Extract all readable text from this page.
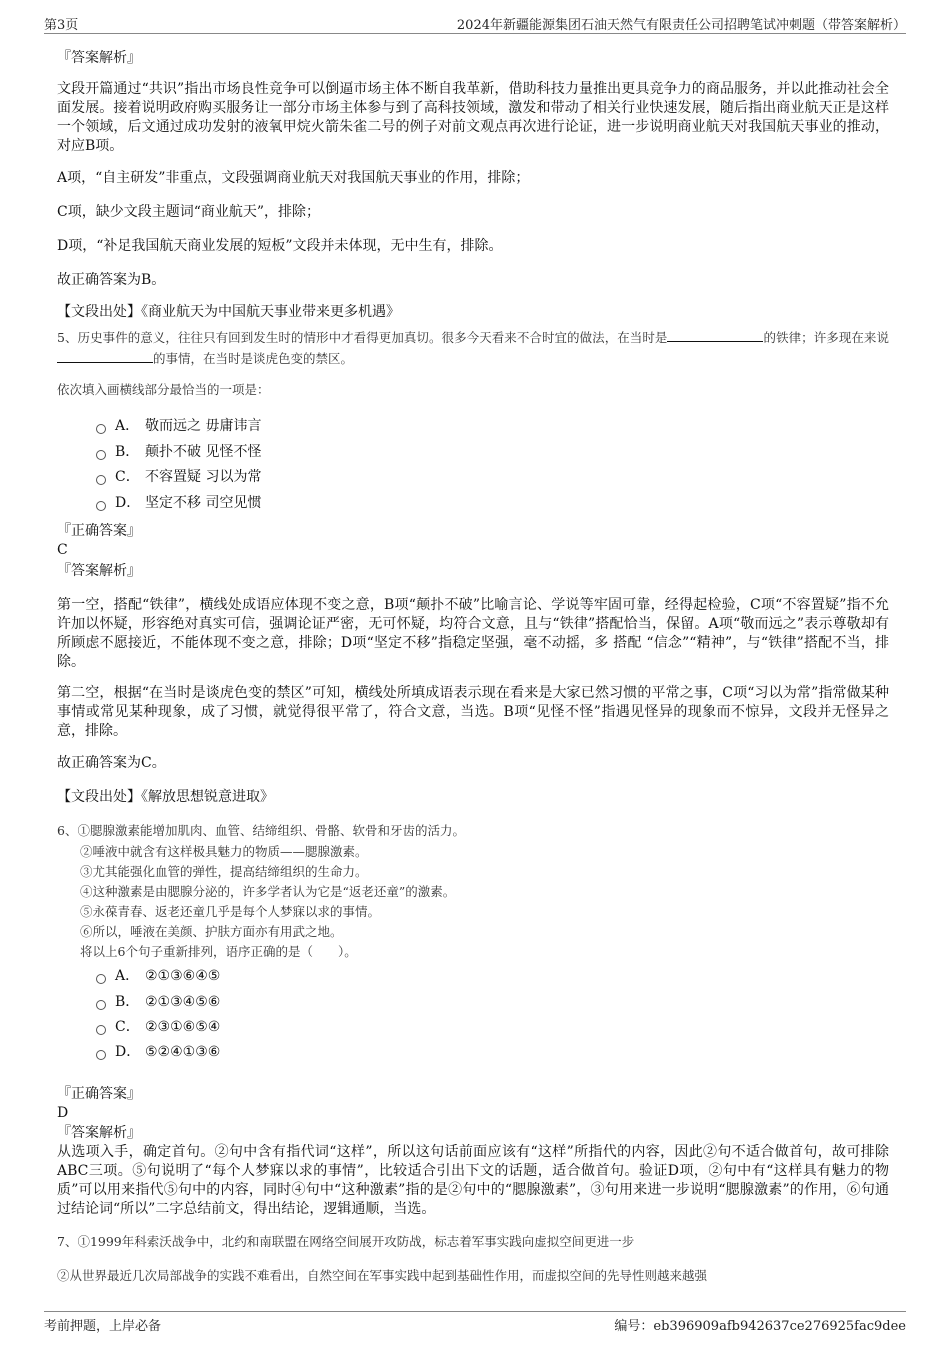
第3页	2024年新疆能源集团石油天然气有限责任公司招聘笔试冲刺题（带答案解析）
『答案解析』

文段开篇通过“共识”指出市场良性竞争可以倒逼市场主体不断自我革新，借助科技力量推出更具竞争力的商品服务，并以此推动社会全面发展。接着说明政府购买服务让一部分市场主体参与到了高科技领域，激发和带动了相关行业快速发展，随后指出商业航天正是这样一个领域，后文通过成功发射的液氧甲烷火箭朱雀二号的例子对前文观点再次进行论证，进一步说明商业航天对我国航天事业的推动，对应B项。

A项，“自主研发”非重点，文段强调商业航天对我国航天事业的作用，排除；
C项，缺少文段主题词“商业航天”，排除；
D项，“补足我国航天商业发展的短板”文段并未体现，无中生有，排除。
故正确答案为B。
【文段出处】《商业航天为中国航天事业带来更多机遇》

5、历史事件的意义，往往只有回到发生时的情形中才看得更加真切。很多今天看来不合时宜的做法，在当时是	的铁律；许多现在来说的事情，在当时是谈虎色变的禁区。

依次填入画横线部分最恰当的一项是：
A． 敬而远之 毋庸讳言
B． 颠扑不破 见怪不怪
C． 不容置疑 习以为常
D． 坚定不移 司空见惯
『正确答案』
C
『答案解析』

第一空，搭配“铁律”，横线处成语应体现不变之意，B项“颠扑不破”比喻言论、学说等牢固可靠，经得起检验，C项“不容置疑”指不允许加以怀疑，形容绝对真实可信，强调论证严密，无可怀疑，均符合文意，且与“铁律”搭配恰当，保留。A项“敬而远之”表示尊敬却有所顾虑不愿接近，不能体现不变之意，排除；D项“坚定不移”指稳定坚强，毫不动摇，多 搭配 “信念”“精神”，与“铁律”搭配不当，排除。

第二空，根据“在当时是谈虎色变的禁区”可知，横线处所填成语表示现在看来是大家已然习惯的平常之事，C项“习以为常”指常做某种事情或常见某种现象，成了习惯，就觉得很平常了，符合文意，当选。B项“见怪不怪”指遇见怪异的现象而不惊异，文段并无怪异之意，排除。

故正确答案为C。
【文段出处】《解放思想锐意进取》
6、①腮腺激素能增加肌肉、血管、结缔组织、骨骼、软骨和牙齿的活力。
②唾液中就含有这样极具魅力的物质——腮腺激素。
③尤其能强化血管的弹性，提高结缔组织的生命力。
④这种激素是由腮腺分泌的，许多学者认为它是“返老还童”的激素。
⑤永葆青春、返老还童几乎是每个人梦寐以求的事情。
⑥所以，唾液在美颜、护肤方面亦有用武之地。
将以上6个句子重新排列，语序正确的是（　　）。
A． ②①③⑥④⑤
B． ②①③④⑤⑥
C． ②③①⑥⑤④
D． ⑤②④①③⑥
『正确答案』
D
『答案解析』

从选项入手，确定首句。②句中含有指代词“这样”，所以这句话前面应该有“这样”所指代的内容，因此②句不适合做首句，故可排除ABC三项。⑤句说明了“每个人梦寐以求的事情”，比较适合引出下文的话题，适合做首句。验证D项，②句中有“这样具有魅力的物质”可以用来指代⑤句中的内容，同时④句中“这种激素”指的是②句中的“腮腺激素”，③句用来进一步说明“腮腺激素”的作用，⑥句通过结论词“所以”二字总结前文，得出结论，逻辑通顺，当选。

7、①1999年科索沃战争中，北约和南联盟在网络空间展开攻防战，标志着军事实践向虚拟空间更进一步
②从世界最近几次局部战争的实践不难看出，自然空间在军事实践中起到基础性作用，而虚拟空间的先导性则越来越强
考前押题，上岸必备	编号：eb396909afb942637ce276925fac9dee
